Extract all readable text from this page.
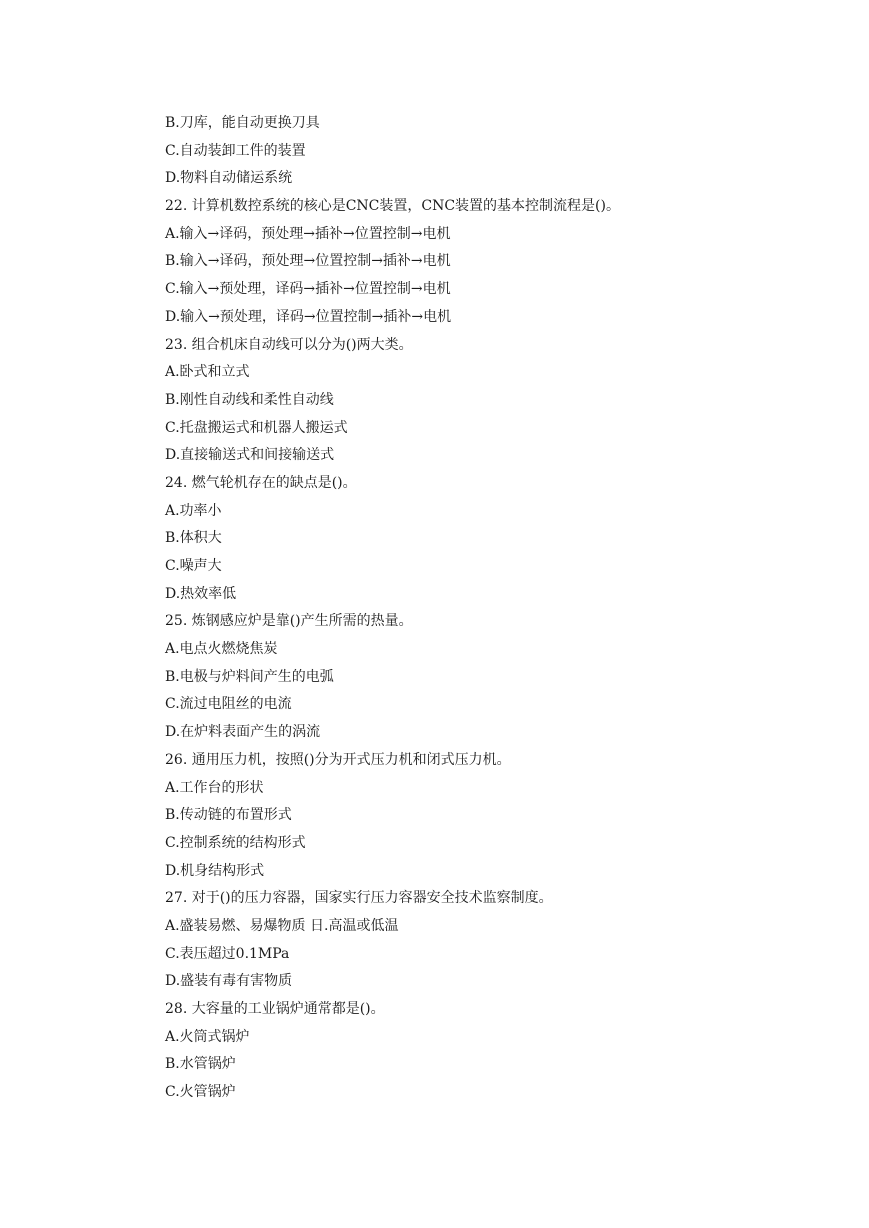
B.刀库，能自动更换刀具
C.自动装卸工件的装置
D.物料自动储运系统
22. 计算机数控系统的核心是CNC装置，CNC装置的基本控制流程是()。
A.输入→译码，预处理→插补→位置控制→电机
B.输入→译码，预处理→位置控制→插补→电机
C.输入→预处理，译码→插补→位置控制→电机
D.输入→预处理，译码→位置控制→插补→电机
23. 组合机床自动线可以分为()两大类。
A.卧式和立式
B.刚性自动线和柔性自动线
C.托盘搬运式和机器人搬运式
D.直接输送式和间接输送式
24. 燃气轮机存在的缺点是()。
A.功率小
B.体积大
C.噪声大
D.热效率低
25. 炼钢感应炉是靠()产生所需的热量。
A.电点火燃烧焦炭
B.电极与炉料间产生的电弧
C.流过电阻丝的电流
D.在炉料表面产生的涡流
26. 通用压力机，按照()分为开式压力机和闭式压力机。
A.工作台的形状
B.传动链的布置形式
C.控制系统的结构形式
D.机身结构形式
27. 对于()的压力容器，国家实行压力容器安全技术监察制度。
A.盛装易燃、易爆物质 日.高温或低温
C.表压超过0.1MPa
D.盛装有毒有害物质
28. 大容量的工业锅炉通常都是()。
A.火筒式锅炉
B.水管锅炉
C.火管锅炉
